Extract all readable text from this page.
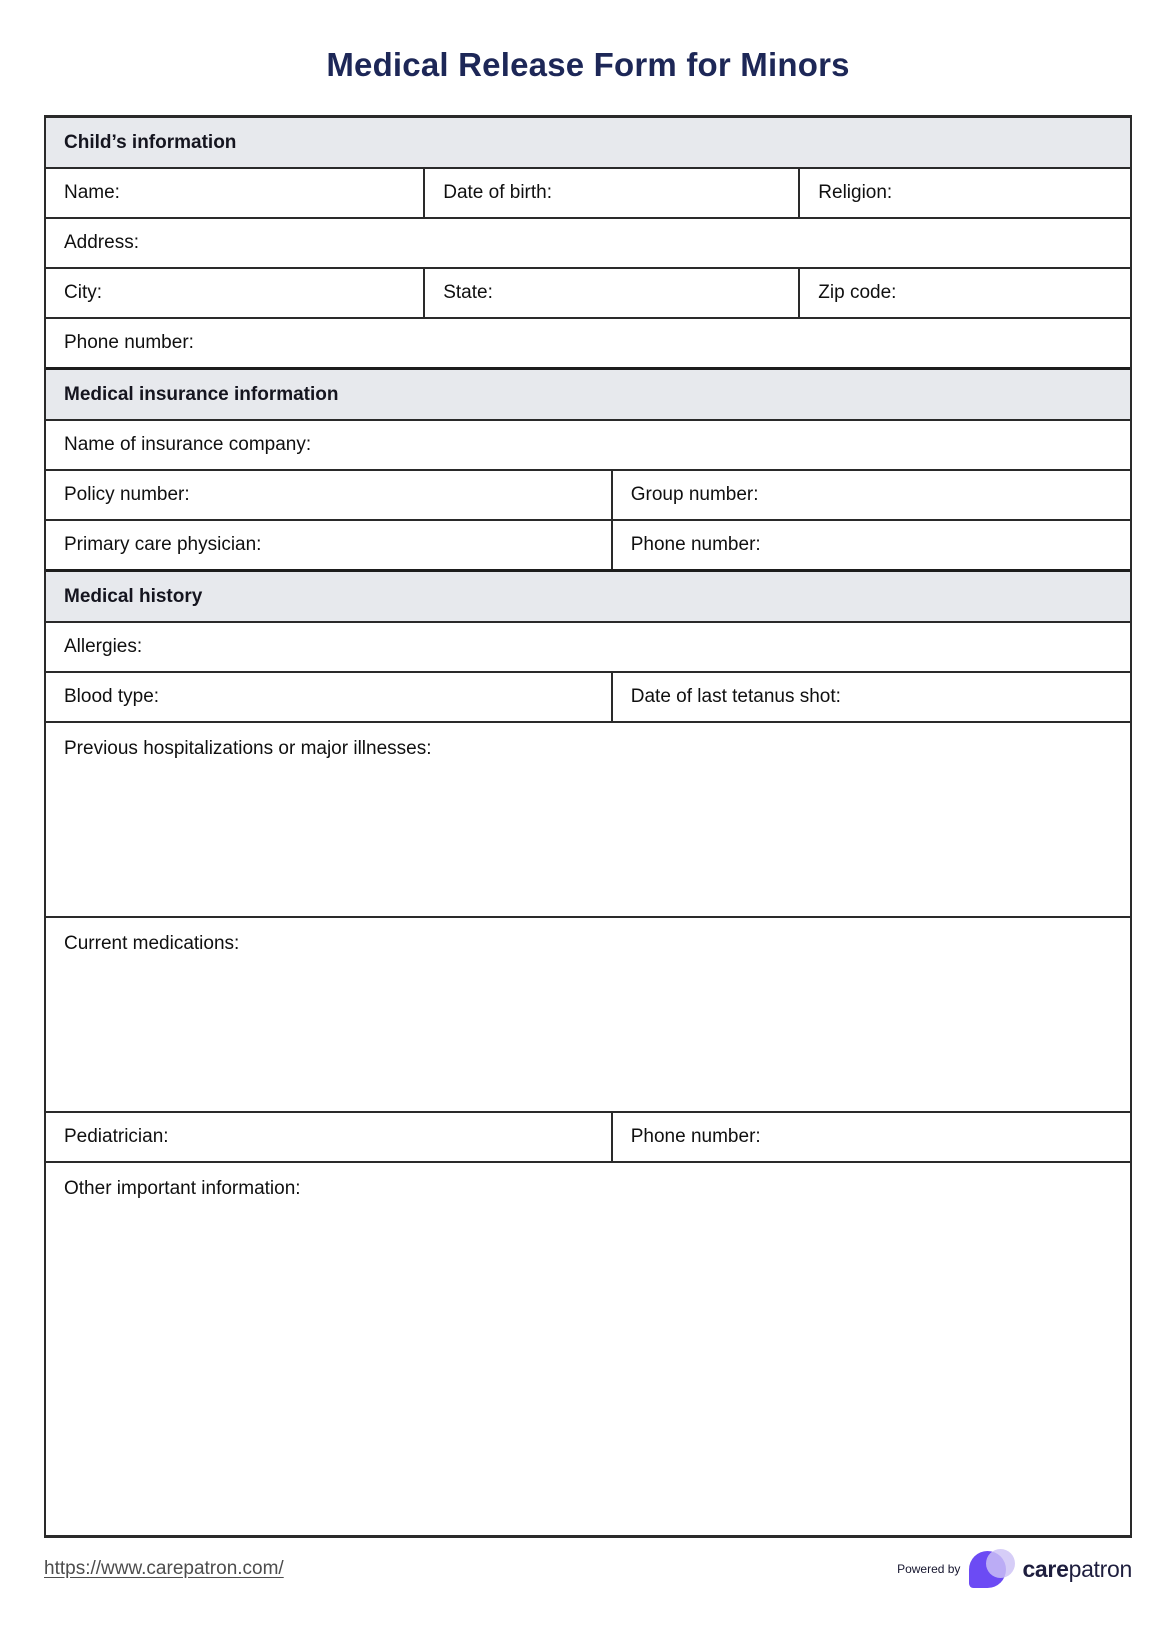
Medical Release Form for Minors
Child’s information
Name:	Date of birth:	Religion:
Address:
City:	State:	Zip code:
Phone number:
Medical insurance information
Name of insurance company:
Policy number:	Group number:
Primary care physician:	Phone number:
Medical history
Allergies:
Blood type:	Date of last tetanus shot:
Previous hospitalizations or major illnesses:
Current medications:
Pediatrician:	Phone number:
Other important information:
https://www.carepatron.com/	Powered by	carepatron
